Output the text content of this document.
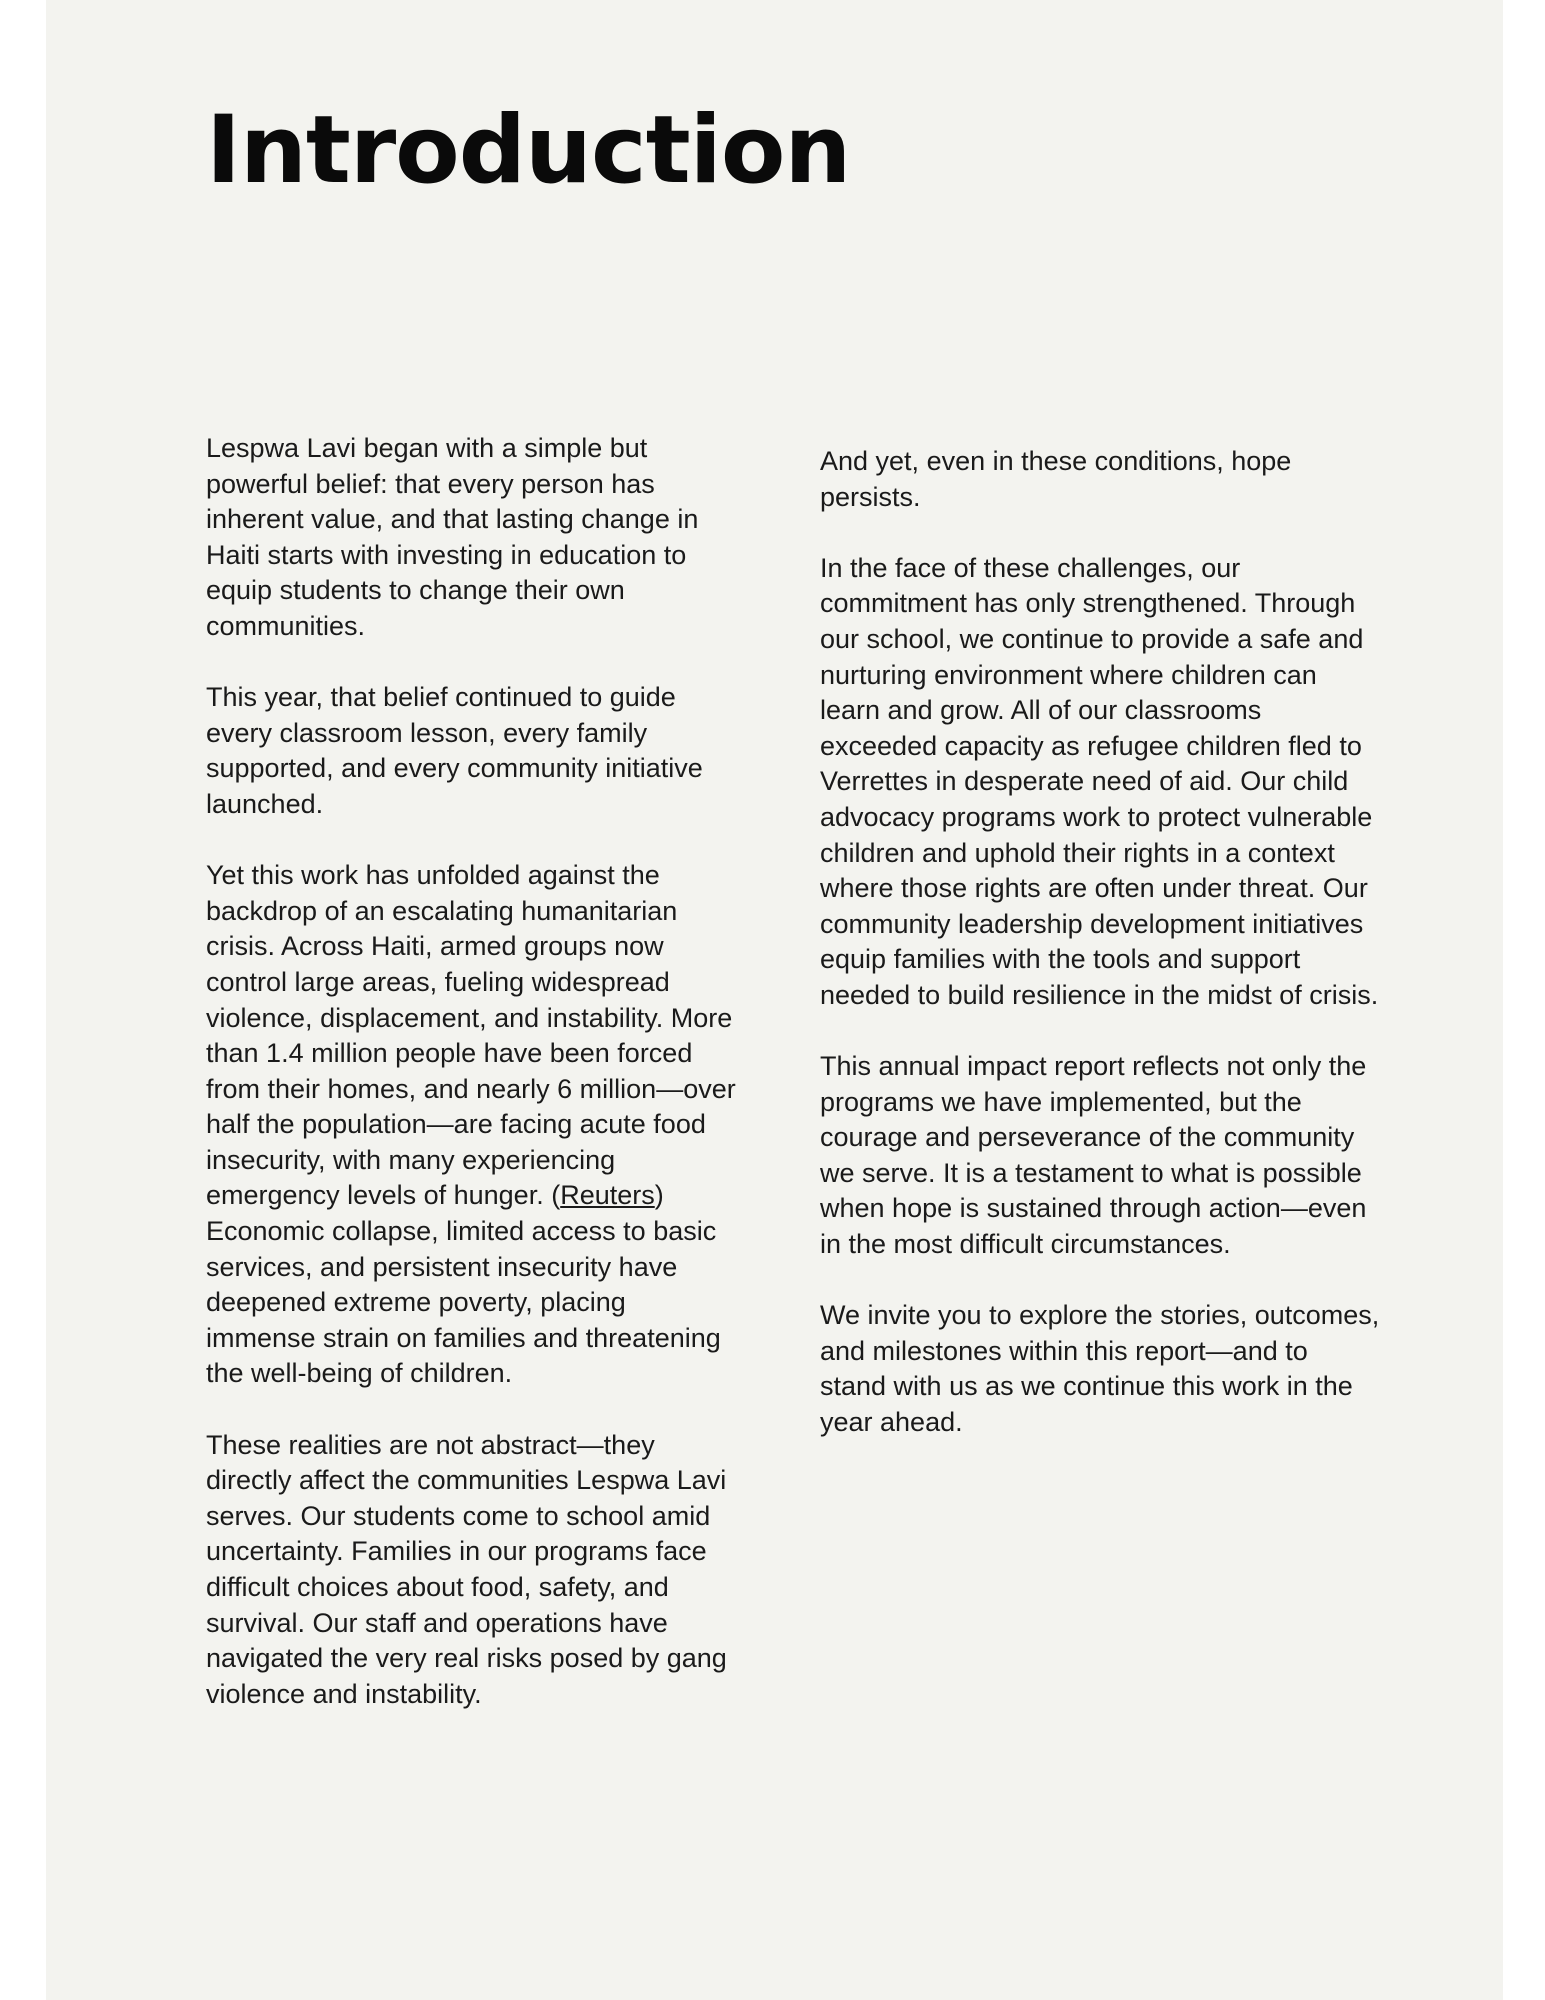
Introduction

Lespwa Lavi began with a simple but powerful belief: that every person has inherent value, and that lasting change in Haiti starts with investing in education to equip students to change their own communities.

This year, that belief continued to guide every classroom lesson, every family supported, and every community initiative launched.

Yet this work has unfolded against the backdrop of an escalating humanitarian crisis. Across Haiti, armed groups now control large areas, fueling widespread violence, displacement, and instability. More than 1.4 million people have been forced from their homes, and nearly 6 million—over half the population—are facing acute food insecurity, with many experiencing emergency levels of hunger. (Reuters) Economic collapse, limited access to basic services, and persistent insecurity have deepened extreme poverty, placing immense strain on families and threatening the well-being of children.

These realities are not abstract—they directly affect the communities Lespwa Lavi serves. Our students come to school amid uncertainty. Families in our programs face difficult choices about food, safety, and survival. Our staff and operations have navigated the very real risks posed by gang violence and instability.

And yet, even in these conditions, hope persists.

In the face of these challenges, our commitment has only strengthened. Through our school, we continue to provide a safe and nurturing environment where children can learn and grow. All of our classrooms exceeded capacity as refugee children fled to Verrettes in desperate need of aid. Our child advocacy programs work to protect vulnerable children and uphold their rights in a context where those rights are often under threat. Our community leadership development initiatives equip families with the tools and support needed to build resilience in the midst of crisis.

This annual impact report reflects not only the programs we have implemented, but the courage and perseverance of the community we serve. It is a testament to what is possible when hope is sustained through action—even in the most difficult circumstances.

We invite you to explore the stories, outcomes, and milestones within this report—and to stand with us as we continue this work in the year ahead.
